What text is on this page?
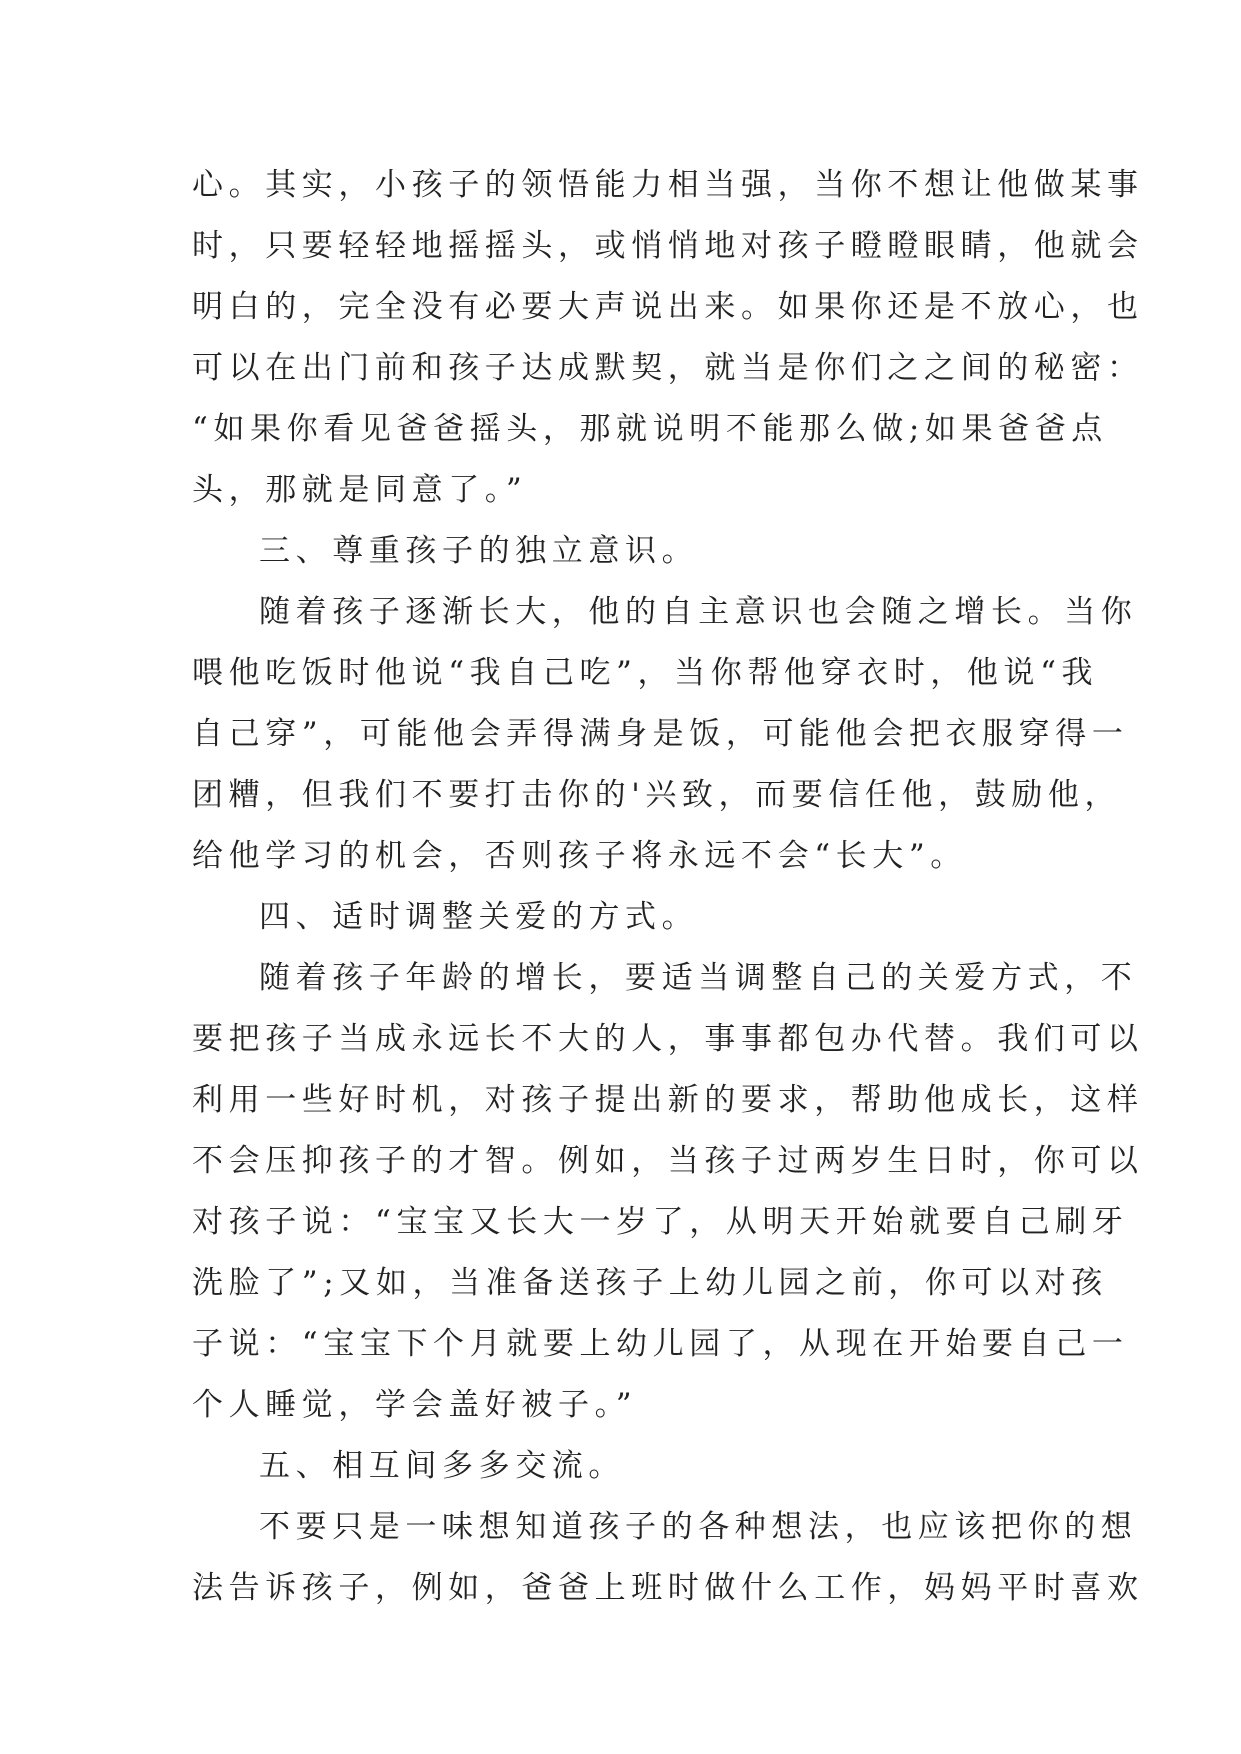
心。其实，小孩子的领悟能力相当强，当你不想让他做某事
时，只要轻轻地摇摇头，或悄悄地对孩子瞪瞪眼睛，他就会
明白的，完全没有必要大声说出来。如果你还是不放心，也
可以在出门前和孩子达成默契，就当是你们之之间的秘密：
“如果你看见爸爸摇头，那就说明不能那么做;如果爸爸点
头，那就是同意了。”
三、尊重孩子的独立意识。
随着孩子逐渐长大，他的自主意识也会随之增长。当你
喂他吃饭时他说“我自己吃”，当你帮他穿衣时，他说“我
自己穿”，可能他会弄得满身是饭，可能他会把衣服穿得一
团糟，但我们不要打击你的'兴致，而要信任他，鼓励他，
给他学习的机会，否则孩子将永远不会“长大”。
四、适时调整关爱的方式。
随着孩子年龄的增长，要适当调整自己的关爱方式，不
要把孩子当成永远长不大的人，事事都包办代替。我们可以
利用一些好时机，对孩子提出新的要求，帮助他成长，这样
不会压抑孩子的才智。例如，当孩子过两岁生日时，你可以
对孩子说：“宝宝又长大一岁了，从明天开始就要自己刷牙
洗脸了”;又如，当准备送孩子上幼儿园之前，你可以对孩
子说：“宝宝下个月就要上幼儿园了，从现在开始要自己一
个人睡觉，学会盖好被子。”
五、相互间多多交流。
不要只是一味想知道孩子的各种想法，也应该把你的想
法告诉孩子，例如，爸爸上班时做什么工作，妈妈平时喜欢
